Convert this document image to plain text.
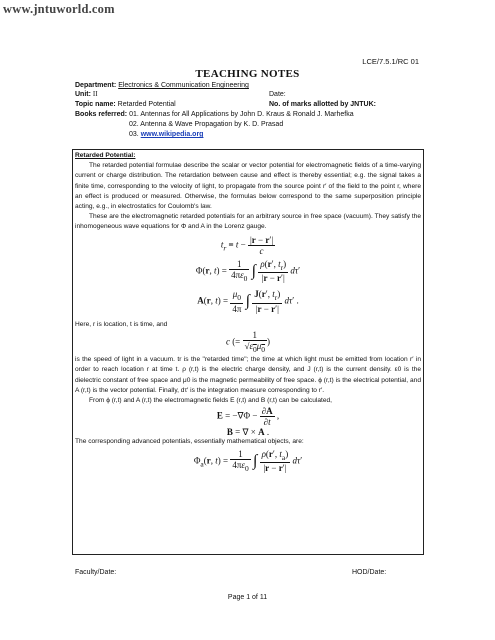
www.jntuworld.com
LCE/7.5.1/RC 01
TEACHING NOTES
Department: Electronics & Communication Engineering
Unit: II	Date:
Topic name: Retarded Potential	No. of marks allotted by JNTUK:
Books referred: 01. Antennas for All Applications by John D. Kraus & Ronald J. Marhefka
02. Antenna & Wave Propagation by K. D. Prasad
03. www.wikipedia.org
Retarded Potential:

The retarded potential formulae describe the scalar or vector potential for electromagnetic fields of a time-varying current or charge distribution. The retardation between cause and effect is thereby essential; e.g. the signal takes a finite time, corresponding to the velocity of light, to propagate from the source point r′ of the field to the point r, where an effect is produced or measured. Otherwise, the formulas below correspond to the same superposition principle acting, e.g., in electrostatics for Coulomb's law.

These are the electromagnetic retarded potentials for an arbitrary source in free space (vacuum). They satisfy the inhomogeneous wave equations for Φ and A in the Lorenz gauge.

$t_r \equiv t - \frac{|r - r'|}{c}$
Φ(r, $t) = \frac{1}{4\pi\varepsilon_0}$ ∫ $\frac{\rho(r', t_r)}{|r - r'|} d\tau'$
A(r, $t) = \frac{\mu_0}{4\pi}$ ∫ $\frac{J(r', t_r)}{|r - r'|} d\tau'$ .

Here, r is location, t is time, and

c (= $\frac{1}{√\varepsilon_0\mu_0}$ )

is the speed of light in a vacuum. tr is the "retarded time"; the time at which light must be emitted from location r′ in order to reach location r at time t. ρ (r,t) is the electric charge density, and J (r,t) is the current density. ε0 is the dielectric constant of free space and μ0 is the magnetic permeability of free space. ϕ (r,t) is the electrical potential, and A (r,t) is the vector potential. Finally, dτ′ is the integration measure corresponding to r′.

From ϕ (r,t) and A (r,t) the electromagnetic fields E (r,t) and B (r,t) can be calculated,

$E = -\nabla\Phi - \frac{\partial A}{\partial t}$ ,
B = ∇ × A .

The corresponding advanced potentials, essentially mathematical objects, are:

$\Phi_a(r$, $t) = \frac{1}{4\pi\varepsilon_0}$ ∫ $\frac{\rho(r', t_a)}{|r - r'|} d\tau'$
Faculty/Date:	HOD/Date:
Page 1 of 11
